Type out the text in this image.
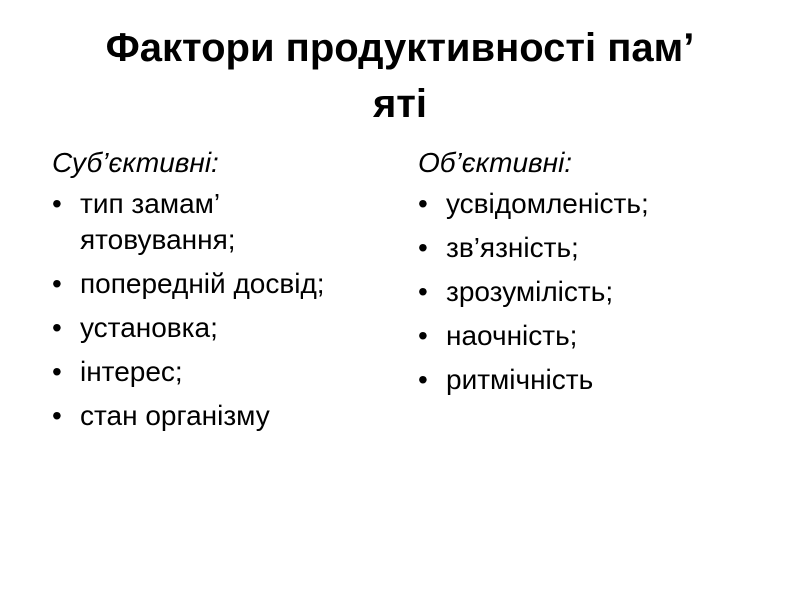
Фактори продуктивності пам’
яті
Суб’єктивні:
• тип замам’ ятовування;
• попередній досвід;
• установка;
• інтерес;
• стан організму
Об’єктивні:
• усвідомленість;
• зв’язність;
• зрозумілість;
• наочність;
• ритмічність
